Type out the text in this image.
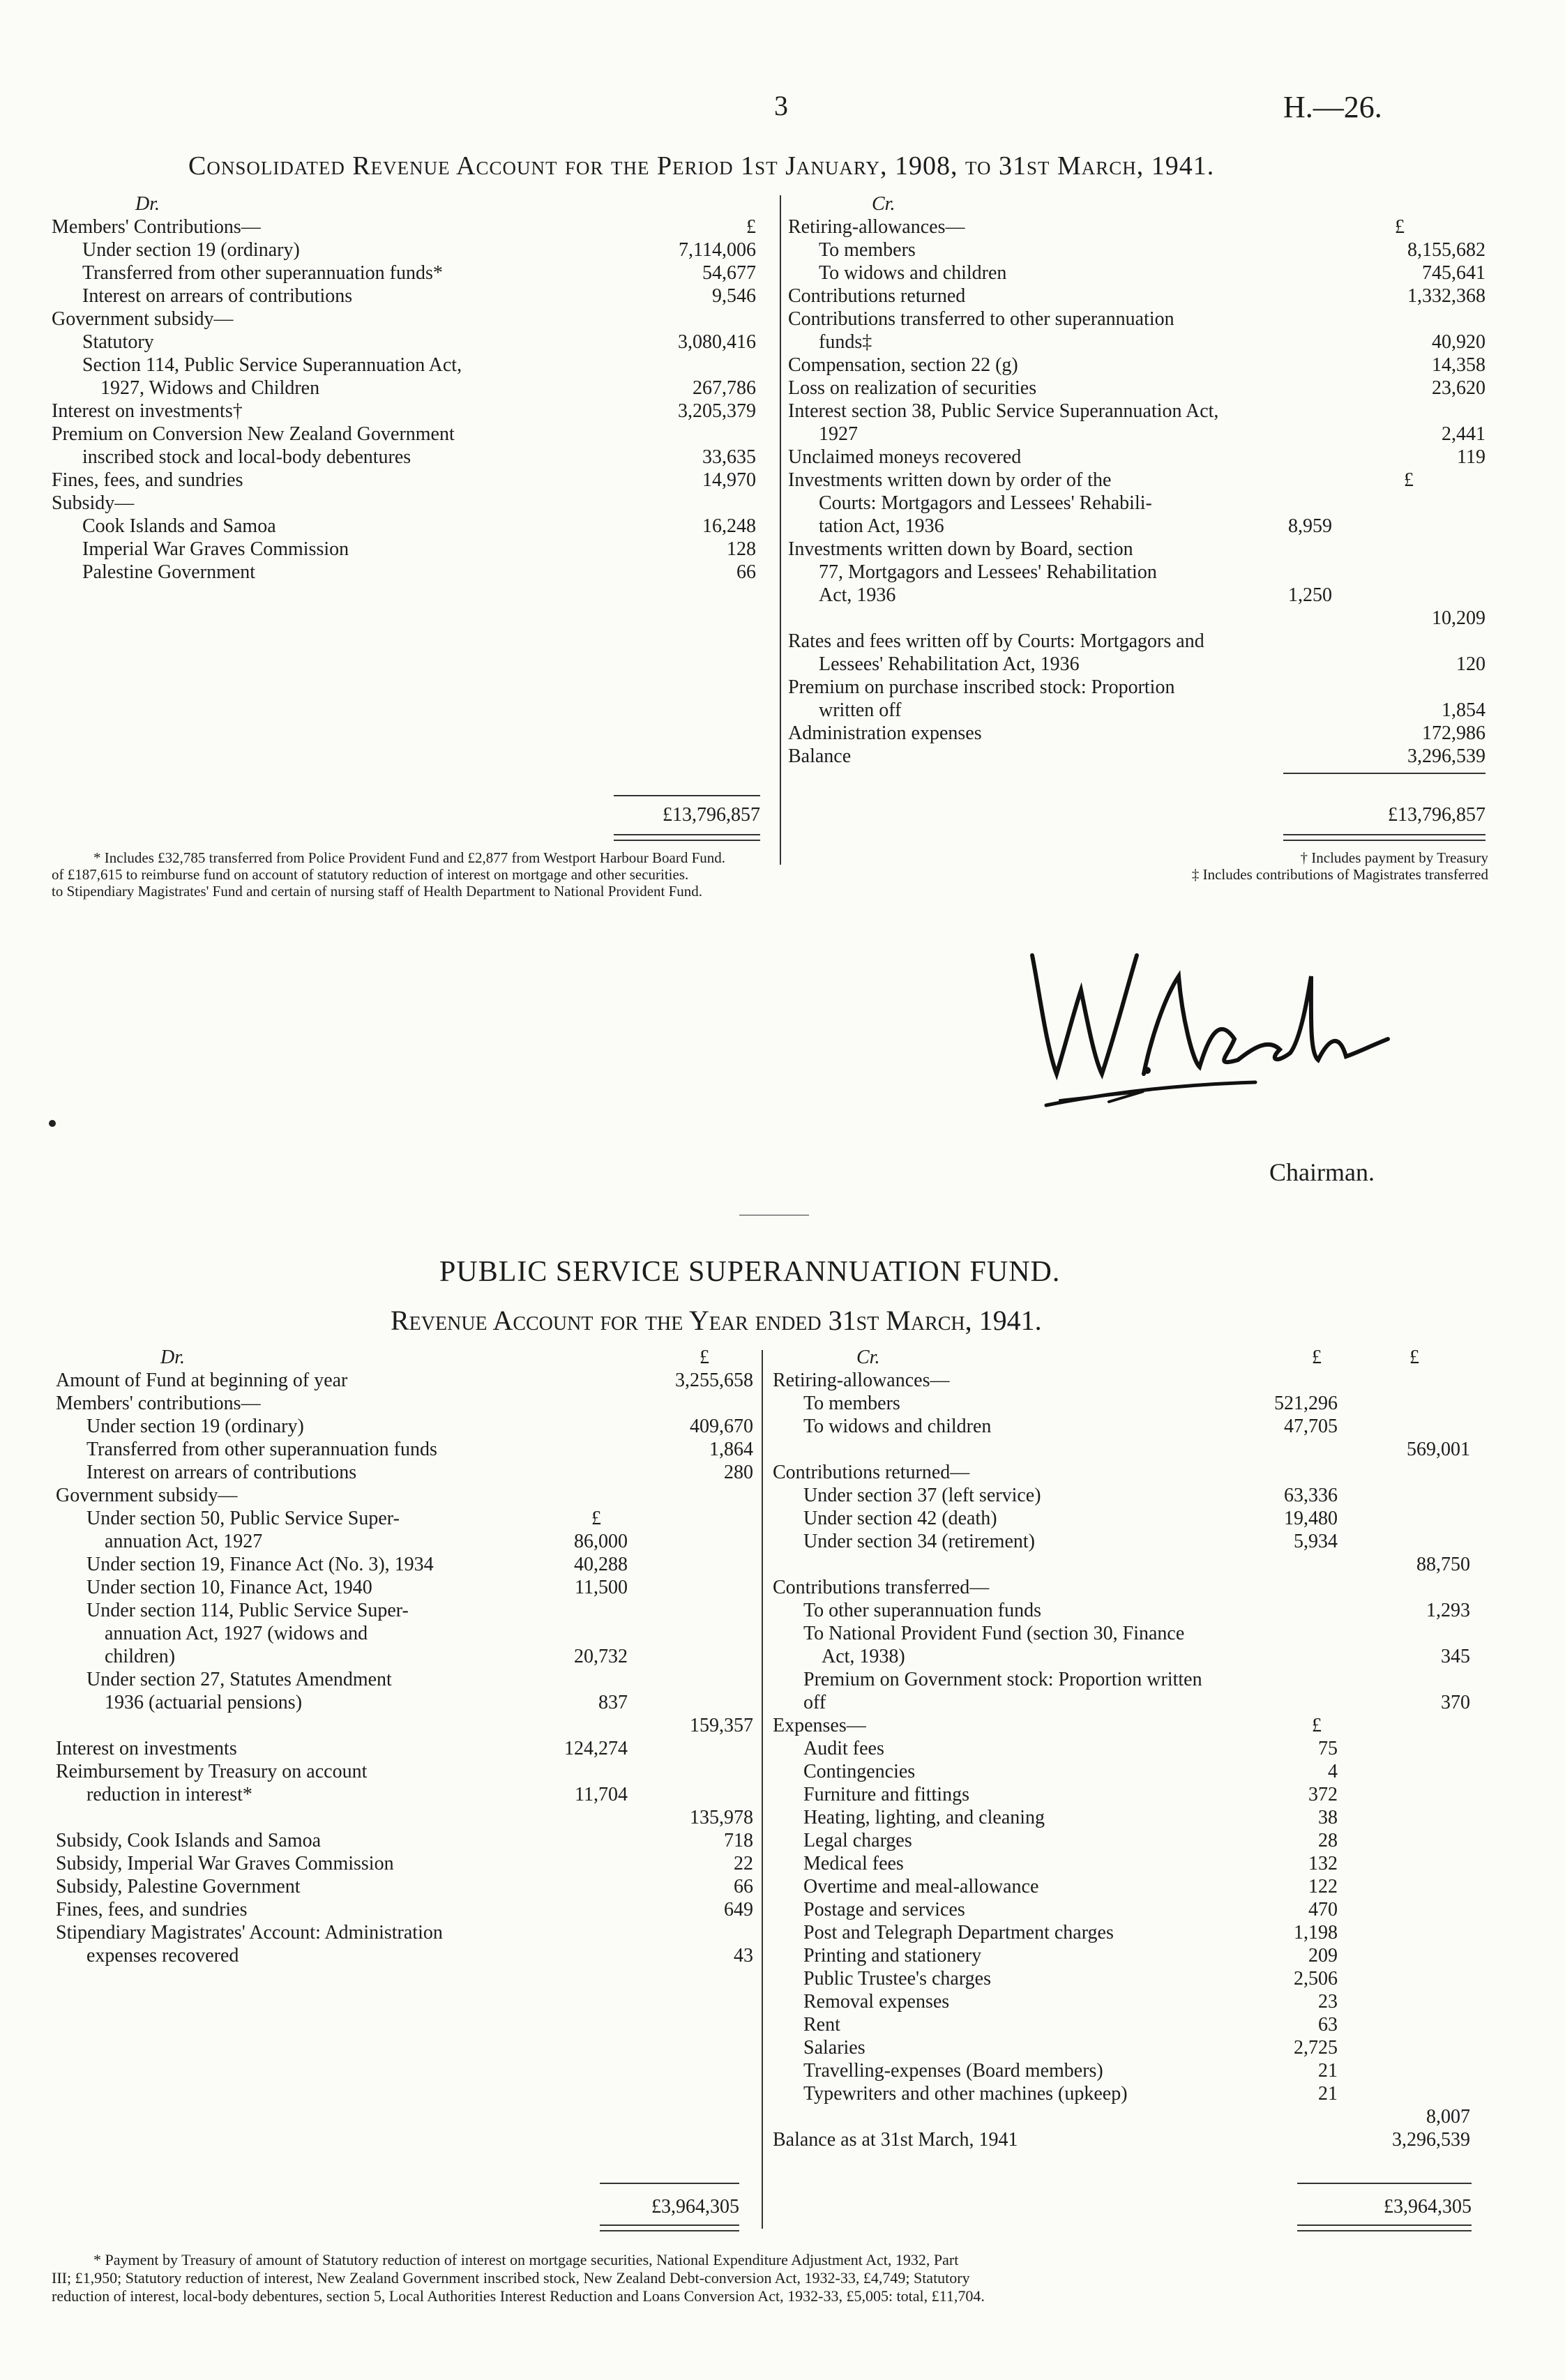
3	H.—26.
Consolidated Revenue Account for the Period 1st January, 1908, to 31st March, 1941.
Dr.
Members' Contributions—	£
Under section 19 (ordinary)	7,114,006
Transferred from other superannuation funds*	54,677
Interest on arrears of contributions	9,546
Government subsidy—
Statutory	3,080,416
Section 114, Public Service Superannuation Act,
1927, Widows and Children	267,786
Interest on investments†	3,205,379
Premium on Conversion New Zealand Government
inscribed stock and local-body debentures	33,635
Fines, fees, and sundries	14,970
Subsidy—
Cook Islands and Samoa	16,248
Imperial War Graves Commission	128
Palestine Government	66
£13,796,857
Cr.
Retiring-allowances—	£
To members	8,155,682
To widows and children	745,641
Contributions returned	1,332,368
Contributions transferred to other superannuation
funds‡	40,920
Compensation, section 22 (g)	14,358
Loss on realization of securities	23,620
Interest section 38, Public Service Superannuation Act,
1927	2,441
Unclaimed moneys recovered	119
Investments written down by order of the	£
Courts: Mortgagors and Lessees' Rehabili-
tation Act, 1936	8,959
Investments written down by Board, section
77, Mortgagors and Lessees' Rehabilitation
Act, 1936	1,250
10,209
Rates and fees written off by Courts: Mortgagors and
Lessees' Rehabilitation Act, 1936	120
Premium on purchase inscribed stock: Proportion
written off	1,854
Administration expenses	172,986
Balance	3,296,539
£13,796,857
* Includes £32,785 transferred from Police Provident Fund and £2,877 from Westport Harbour Board Fund.	† Includes payment by Treasury
of £187,615 to reimburse fund on account of statutory reduction of interest on mortgage and other securities.	‡ Includes contributions of Magistrates transferred
to Stipendiary Magistrates' Fund and certain of nursing staff of Health Department to National Provident Fund.
Chairman.
PUBLIC SERVICE SUPERANNUATION FUND.
Revenue Account for the Year ended 31st March, 1941.
Dr.	£
Amount of Fund at beginning of year	3,255,658
Members' contributions—
Under section 19 (ordinary)	409,670
Transferred from other superannuation funds	1,864
Interest on arrears of contributions	280
Government subsidy—
Under section 50, Public Service Super-	£
annuation Act, 1927	86,000
Under section 19, Finance Act (No. 3), 1934	40,288
Under section 10, Finance Act, 1940	11,500
Under section 114, Public Service Super-
annuation Act, 1927 (widows and
children)	20,732
Under section 27, Statutes Amendment
1936 (actuarial pensions)	837
159,357
Interest on investments	124,274
Reimbursement by Treasury on account
reduction in interest*	11,704
135,978
Subsidy, Cook Islands and Samoa	718
Subsidy, Imperial War Graves Commission	22
Subsidy, Palestine Government	66
Fines, fees, and sundries	649
Stipendiary Magistrates' Account: Administration
expenses recovered	43
£3,964,305
Cr.	£	£
Retiring-allowances—
To members	521,296
To widows and children	47,705
569,001
Contributions returned—
Under section 37 (left service)	63,336
Under section 42 (death)	19,480
Under section 34 (retirement)	5,934
88,750
Contributions transferred—
To other superannuation funds	1,293
To National Provident Fund (section 30, Finance
Act, 1938)	345
Premium on Government stock: Proportion written
off	370
Expenses—	£
Audit fees	75
Contingencies	4
Furniture and fittings	372
Heating, lighting, and cleaning	38
Legal charges	28
Medical fees	132
Overtime and meal-allowance	122
Postage and services	470
Post and Telegraph Department charges	1,198
Printing and stationery	209
Public Trustee's charges	2,506
Removal expenses	23
Rent	63
Salaries	2,725
Travelling-expenses (Board members)	21
Typewriters and other machines (upkeep)	21
8,007
Balance as at 31st March, 1941	3,296,539
£3,964,305
* Payment by Treasury of amount of Statutory reduction of interest on mortgage securities, National Expenditure Adjustment Act, 1932, Part
III; £1,950; Statutory reduction of interest, New Zealand Government inscribed stock, New Zealand Debt-conversion Act, 1932-33, £4,749; Statutory
reduction of interest, local-body debentures, section 5, Local Authorities Interest Reduction and Loans Conversion Act, 1932-33, £5,005: total, £11,704.
